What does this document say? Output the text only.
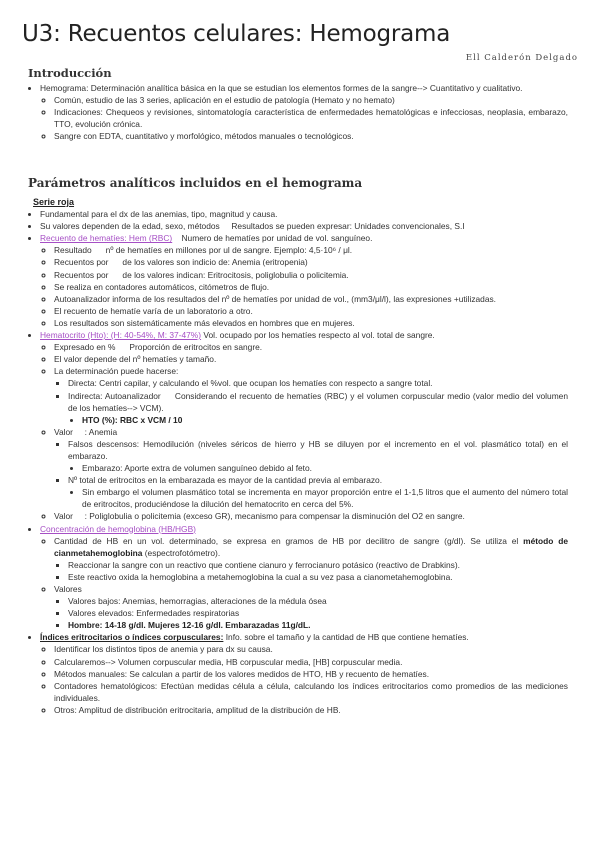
U3: Recuentos celulares: Hemograma
Ell Calderón Delgado
Introducción
• Hemograma: Determinación analítica básica en la que se estudian los elementos formes de la sangre--> Cuantitativo y cualitativo.
◦ Común, estudio de las 3 series, aplicación en el estudio de patología (Hemato y no hemato)
◦ Indicaciones: Chequeos y revisiones, sintomatología característica de enfermedades hematológicas e infecciosas, neoplasia, embarazo, TTO, evolución crónica.
◦ Sangre con EDTA, cuantitativo y morfológico, métodos manuales o tecnológicos.
Parámetros analíticos incluidos en el hemograma
Serie roja
• Fundamental para el dx de las anemias, tipo, magnitud y causa.
• Su valores dependen de la edad, sexo, métodos     Resultados se pueden expresar: Unidades convencionales, S.I
• Recuento de hematíes: Hem (RBC)    Numero de hematíes por unidad de vol. sanguíneo.
◦ Resultado      nº de hematíes en millones por ul de sangre. Ejemplo: 4,5·10⁶ / μl.
◦ Recuentos por      de los valores son indicio de: Anemia (eritropenia)
◦ Recuentos por      de los valores indican: Eritrocitosis, poliglobulia o policitemia.
◦ Se realiza en contadores automáticos, citómetros de flujo.
◦ Autoanalizador informa de los resultados del nº de hematíes por unidad de vol., (mm3/μl/l), las expresiones +utilizadas.
◦ El recuento de hematíe varía de un laboratorio a otro.
◦ Los resultados son sistemáticamente más elevados en hombres que en mujeres.
• Hematocrito (Hto): (H: 40-54%, M: 37-47%) Vol. ocupado por los hematíes respecto al vol. total de sangre.
◦ Expresado en %      Proporción de eritrocitos en sangre.
◦ El valor depende del nº hematíes y tamaño.
◦ La determinación puede hacerse:
▪ Directa: Centri capilar, y calculando el %vol. que ocupan los hematíes con respecto a sangre total.
▪ Indirecta: Autoanalizador     Considerando el recuento de hematíes (RBC) y el volumen corpuscular medio (valor medio del volumen de los hematíes--> VCM).
• HTO (%): RBC x VCM / 10
◦ Valor     : Anemia
▪ Falsos descensos: Hemodilución (niveles séricos de hierro y HB se diluyen por el incremento en el vol. plasmático total) en el embarazo.
• Embarazo: Aporte extra de volumen sanguíneo debido al feto.
▪ Nº total de eritrocitos en la embarazada es mayor de la cantidad previa al embarazo.
• Sin embargo el volumen plasmático total se incrementa en mayor proporción entre el 1-1,5 litros que el aumento del número total de eritrocitos, produciéndose la dilución del hematocrito en cerca del 5%.
◦ Valor     : Poliglobulia o policitemia (exceso GR), mecanismo para compensar la disminución del O2 en sangre.
• Concentración de hemoglobina (HB/HGB)
◦ Cantidad de HB en un vol. determinado, se expresa en gramos de HB por decilitro de sangre (g/dl). Se utiliza el método de cianmetahemoglobina (espectrofotómetro).
▪ Reaccionar la sangre con un reactivo que contiene cianuro y ferrocianuro potásico (reactivo de Drabkins).
▪ Este reactivo oxida la hemoglobina a metahemoglobina la cual a su vez pasa a cianometahemoglobina.
◦ Valores
▪ Valores bajos: Anemias, hemorragias, alteraciones de la médula ósea
▪ Valores elevados: Enfermedades respiratorias
▪ Hombre: 14-18 g/dl. Mujeres 12-16 g/dl. Embarazadas 11g/dL.
• Índices eritrocitarios o índices corpusculares: Info. sobre el tamaño y la cantidad de HB que contiene hematíes.
◦ Identificar los distintos tipos de anemia y para dx su causa.
◦ Calcularemos--> Volumen corpuscular media, HB corpuscular media, [HB] corpuscular media.
◦ Métodos manuales: Se calculan a partir de los valores medidos de HTO, HB y recuento de hematíes.
◦ Contadores hematológicos: Efectúan medidas célula a célula, calculando los índices eritrocitarios como promedios de las mediciones individuales.
◦ Otros: Amplitud de distribución eritrocitaria, amplitud de la distribución de HB.
